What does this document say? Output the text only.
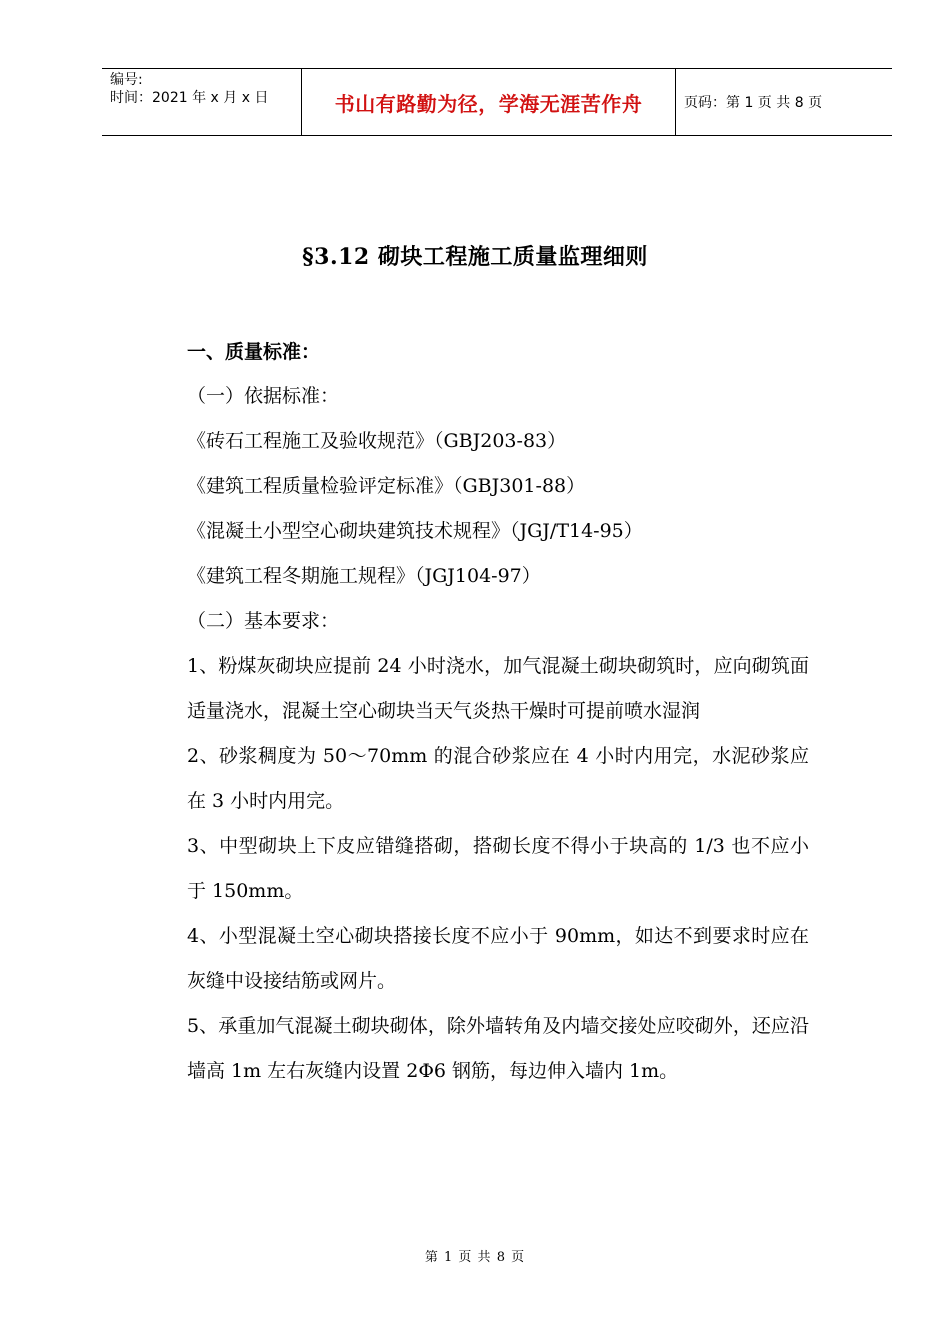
编号:
时间：2021 年 x 月 x 日	书山有路勤为径，学海无涯苦作舟	页码：第 1 页 共 8 页
§3.12 砌块工程施工质量监理细则
一、质量标准：
（一）依据标准：
《砖石工程施工及验收规范》（GBJ203-83）
《建筑工程质量检验评定标准》（GBJ301-88）
《混凝土小型空心砌块建筑技术规程》（JGJ/T14-95）
《建筑工程冬期施工规程》（JGJ104-97）
（二）基本要求：
1、粉煤灰砌块应提前 24 小时浇水，加气混凝土砌块砌筑时，应向砌筑面适量浇水，混凝土空心砌块当天气炎热干燥时可提前喷水湿润
2、砂浆稠度为 50～70mm 的混合砂浆应在 4 小时内用完，水泥砂浆应在 3 小时内用完。
3、中型砌块上下皮应错缝搭砌，搭砌长度不得小于块高的 1/3 也不应小于 150mm。
4、小型混凝土空心砌块搭接长度不应小于 90mm，如达不到要求时应在灰缝中设接结筋或网片。
5、承重加气混凝土砌块砌体，除外墙转角及内墙交接处应咬砌外，还应沿墙高 1m 左右灰缝内设置 2Φ6 钢筋，每边伸入墙内 1m。
第 1 页 共 8 页
